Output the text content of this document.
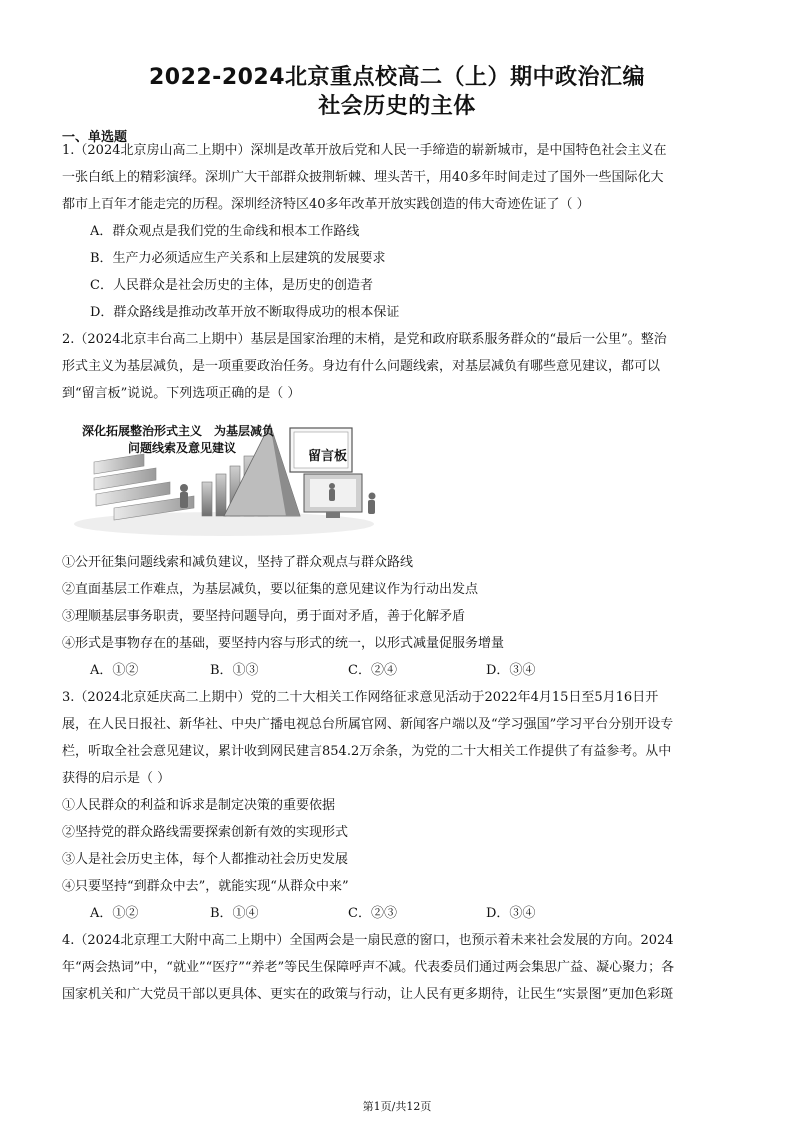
2022-2024北京重点校高二（上）期中政治汇编
社会历史的主体
一、单选题
1.（2024北京房山高二上期中）深圳是改革开放后党和人民一手缔造的崭新城市，是中国特色社会主义在
一张白纸上的精彩演绎。深圳广大干部群众披荆斩棘、埋头苦干，用40多年时间走过了国外一些国际化大
都市上百年才能走完的历程。深圳经济特区40多年改革开放实践创造的伟大奇迹佐证了（ ）
A．群众观点是我们党的生命线和根本工作路线
B．生产力必须适应生产关系和上层建筑的发展要求
C．人民群众是社会历史的主体，是历史的创造者
D．群众路线是推动改革开放不断取得成功的根本保证
2.（2024北京丰台高二上期中）基层是国家治理的末梢，是党和政府联系服务群众的“最后一公里”。整治
形式主义为基层减负，是一项重要政治任务。身边有什么问题线索，对基层减负有哪些意见建议，都可以
到“留言板”说说。下列选项正确的是（ ）
深化拓展整治形式主义　为基层减负
问题线索及意见建议
留言板
①公开征集问题线索和减负建议，坚持了群众观点与群众路线
②直面基层工作难点，为基层减负，要以征集的意见建议作为行动出发点
③理顺基层事务职责，要坚持问题导向，勇于面对矛盾，善于化解矛盾
④形式是事物存在的基础，要坚持内容与形式的统一，以形式减量促服务增量
A．①②	B．①③	C．②④	D．③④
3.（2024北京延庆高二上期中）党的二十大相关工作网络征求意见活动于2022年4月15日至5月16日开
展，在人民日报社、新华社、中央广播电视总台所属官网、新闻客户端以及“学习强国”学习平台分别开设专
栏，听取全社会意见建议，累计收到网民建言854.2万余条，为党的二十大相关工作提供了有益参考。从中
获得的启示是（ ）
①人民群众的利益和诉求是制定决策的重要依据
②坚持党的群众路线需要探索创新有效的实现形式
③人是社会历史主体，每个人都推动社会历史发展
④只要坚持“到群众中去”，就能实现“从群众中来”
A．①②	B．①④	C．②③	D．③④
4.（2024北京理工大附中高二上期中）全国两会是一扇民意的窗口，也预示着未来社会发展的方向。2024
年“两会热词”中，“就业”“医疗”“养老”等民生保障呼声不减。代表委员们通过两会集思广益、凝心聚力；各
国家机关和广大党员干部以更具体、更实在的政策与行动，让人民有更多期待，让民生“实景图”更加色彩斑
第1页/共12页
